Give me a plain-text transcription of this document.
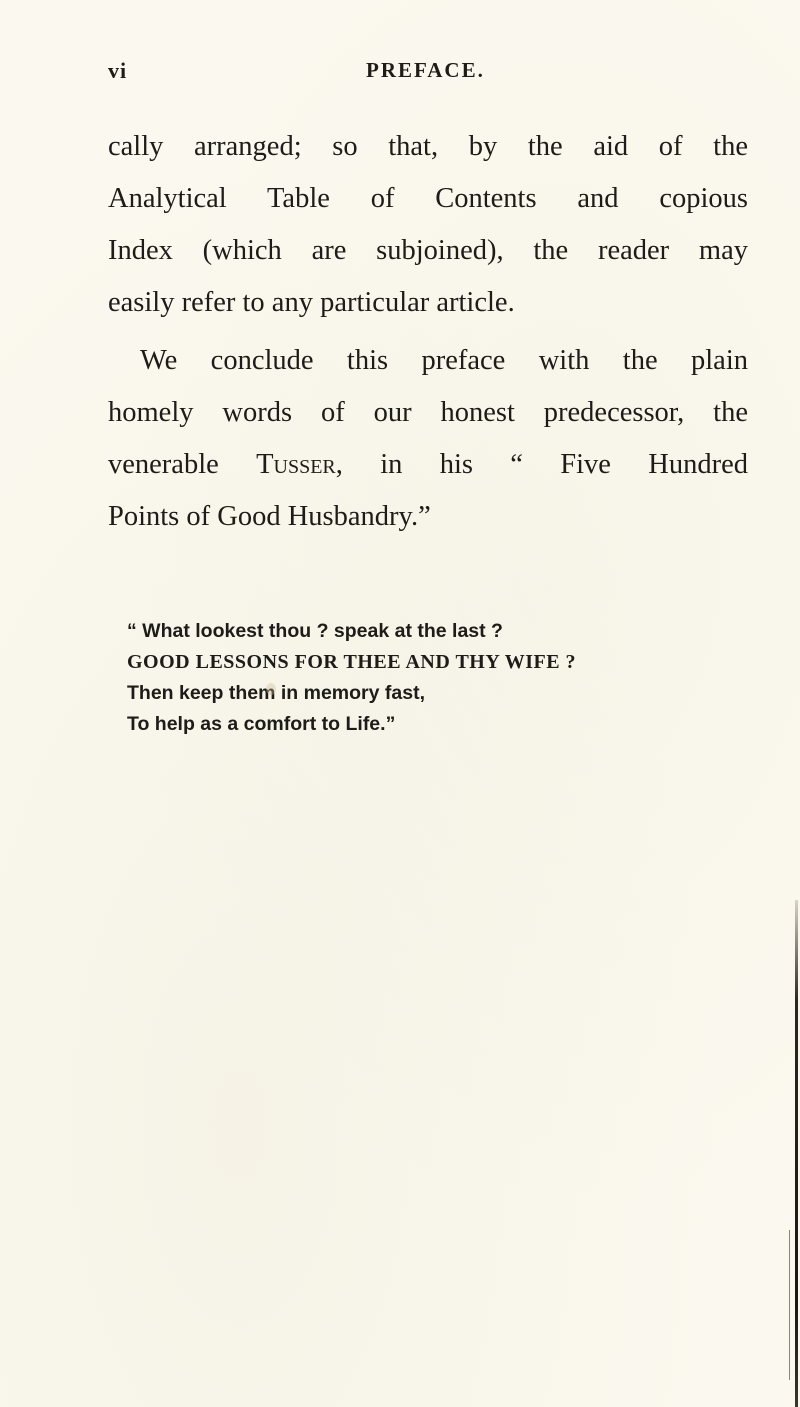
vi	PREFACE.
cally arranged; so that, by the aid of the
Analytical Table of Contents and copious
Index (which are subjoined), the reader may
easily refer to any particular article.
We conclude this preface with the plain
homely words of our honest predecessor, the
venerable Tusser, in his “ Five Hundred
Points of Good Husbandry.”
“ What lookest thou ? speak at the last ?
GOOD LESSONS FOR THEE AND THY WIFE ?
Then keep them in memory fast,
To help as a comfort to Life.”
